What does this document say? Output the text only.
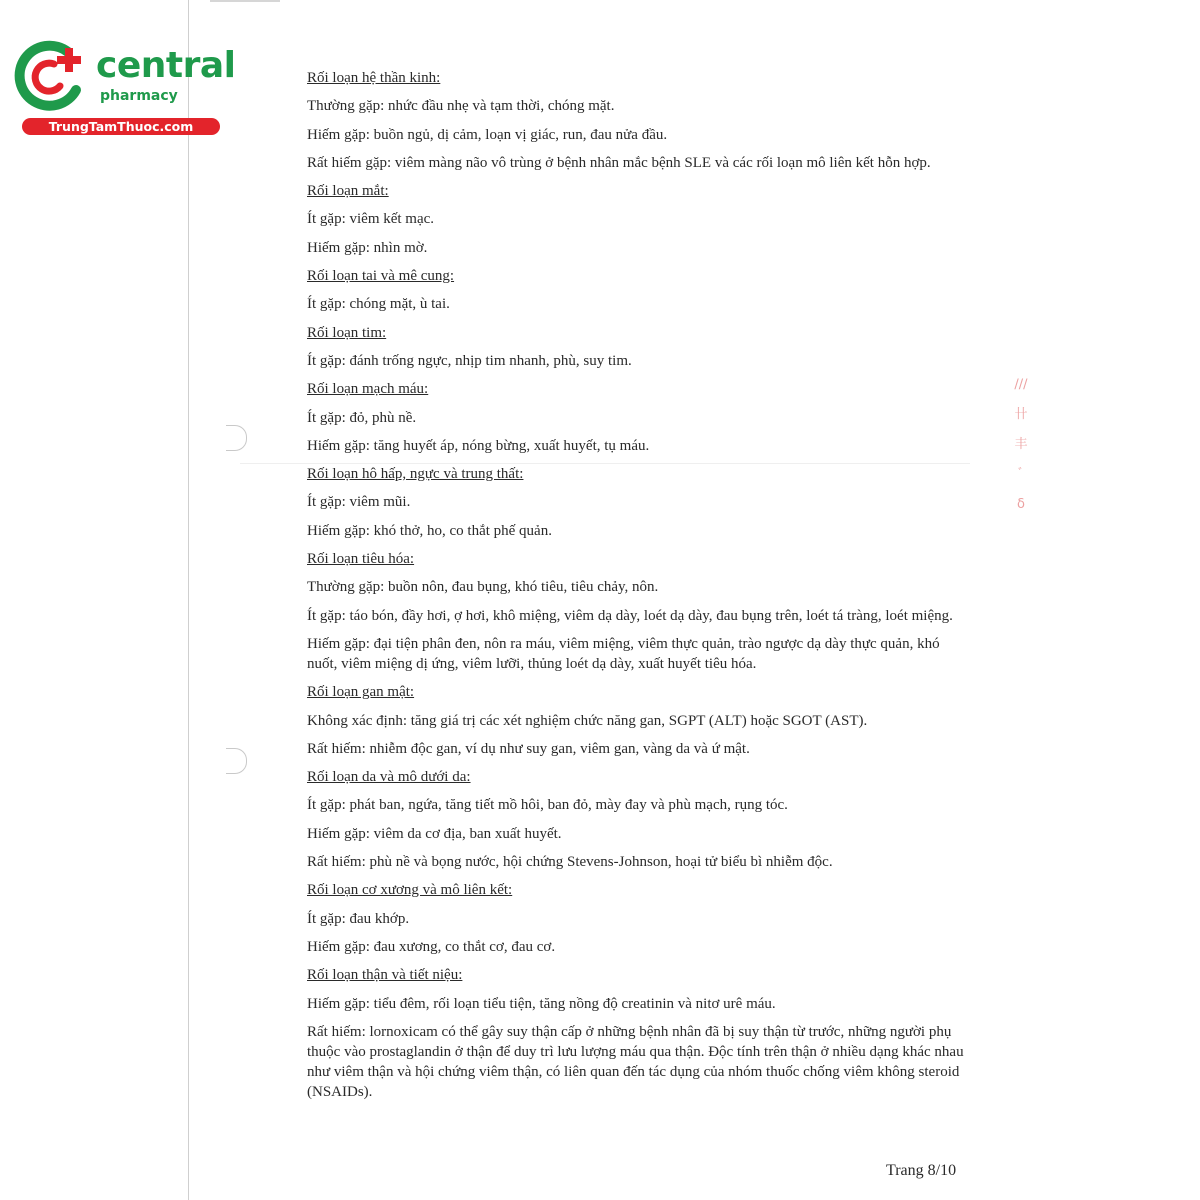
central
pharmacy
TrungTamThuoc.com

Rối loạn hệ thần kinh:

Thường gặp: nhức đầu nhẹ và tạm thời, chóng mặt.

Hiếm gặp: buồn ngủ, dị cảm, loạn vị giác, run, đau nửa đầu.

Rất hiếm gặp: viêm màng não vô trùng ở bệnh nhân mắc bệnh SLE và các rối loạn mô liên kết hỗn hợp.

Rối loạn mắt:

Ít gặp: viêm kết mạc.

Hiếm gặp: nhìn mờ.

Rối loạn tai và mê cung:

Ít gặp: chóng mặt, ù tai.

Rối loạn tim:

Ít gặp: đánh trống ngực, nhịp tim nhanh, phù, suy tim.

Rối loạn mạch máu:

Ít gặp: đỏ, phù nề.

Hiếm gặp: tăng huyết áp, nóng bừng, xuất huyết, tụ máu.

Rối loạn hô hấp, ngực và trung thất:

Ít gặp: viêm mũi.

Hiếm gặp: khó thở, ho, co thắt phế quản.

Rối loạn tiêu hóa:

Thường gặp: buồn nôn, đau bụng, khó tiêu, tiêu chảy, nôn.

Ít gặp: táo bón, đầy hơi, ợ hơi, khô miệng, viêm dạ dày, loét dạ dày, đau bụng trên, loét tá tràng, loét miệng.

Hiếm gặp: đại tiện phân đen, nôn ra máu, viêm miệng, viêm thực quản, trào ngược dạ dày thực quản, khó nuốt, viêm miệng dị ứng, viêm lưỡi, thủng loét dạ dày, xuất huyết tiêu hóa.

Rối loạn gan mật:

Không xác định: tăng giá trị các xét nghiệm chức năng gan, SGPT (ALT) hoặc SGOT (AST).

Rất hiếm: nhiễm độc gan, ví dụ như suy gan, viêm gan, vàng da và ứ mật.

Rối loạn da và mô dưới da:

Ít gặp: phát ban, ngứa, tăng tiết mồ hôi, ban đỏ, mày đay và phù mạch, rụng tóc.

Hiếm gặp: viêm da cơ địa, ban xuất huyết.

Rất hiếm: phù nề và bọng nước, hội chứng Stevens-Johnson, hoại tử biểu bì nhiễm độc.

Rối loạn cơ xương và mô liên kết:

Ít gặp: đau khớp.

Hiếm gặp: đau xương, co thắt cơ, đau cơ.

Rối loạn thận và tiết niệu:

Hiếm gặp: tiểu đêm, rối loạn tiểu tiện, tăng nồng độ creatinin và nitơ urê máu.

Rất hiếm: lornoxicam có thể gây suy thận cấp ở những bệnh nhân đã bị suy thận từ trước, những người phụ thuộc vào prostaglandin ở thận để duy trì lưu lượng máu qua thận. Độc tính trên thận ở nhiều dạng khác nhau như viêm thận và hội chứng viêm thận, có liên quan đến tác dụng của nhóm thuốc chống viêm không steroid (NSAIDs).

∕∕∕
卄
丰
ﾞ
δ
Trang 8/10
